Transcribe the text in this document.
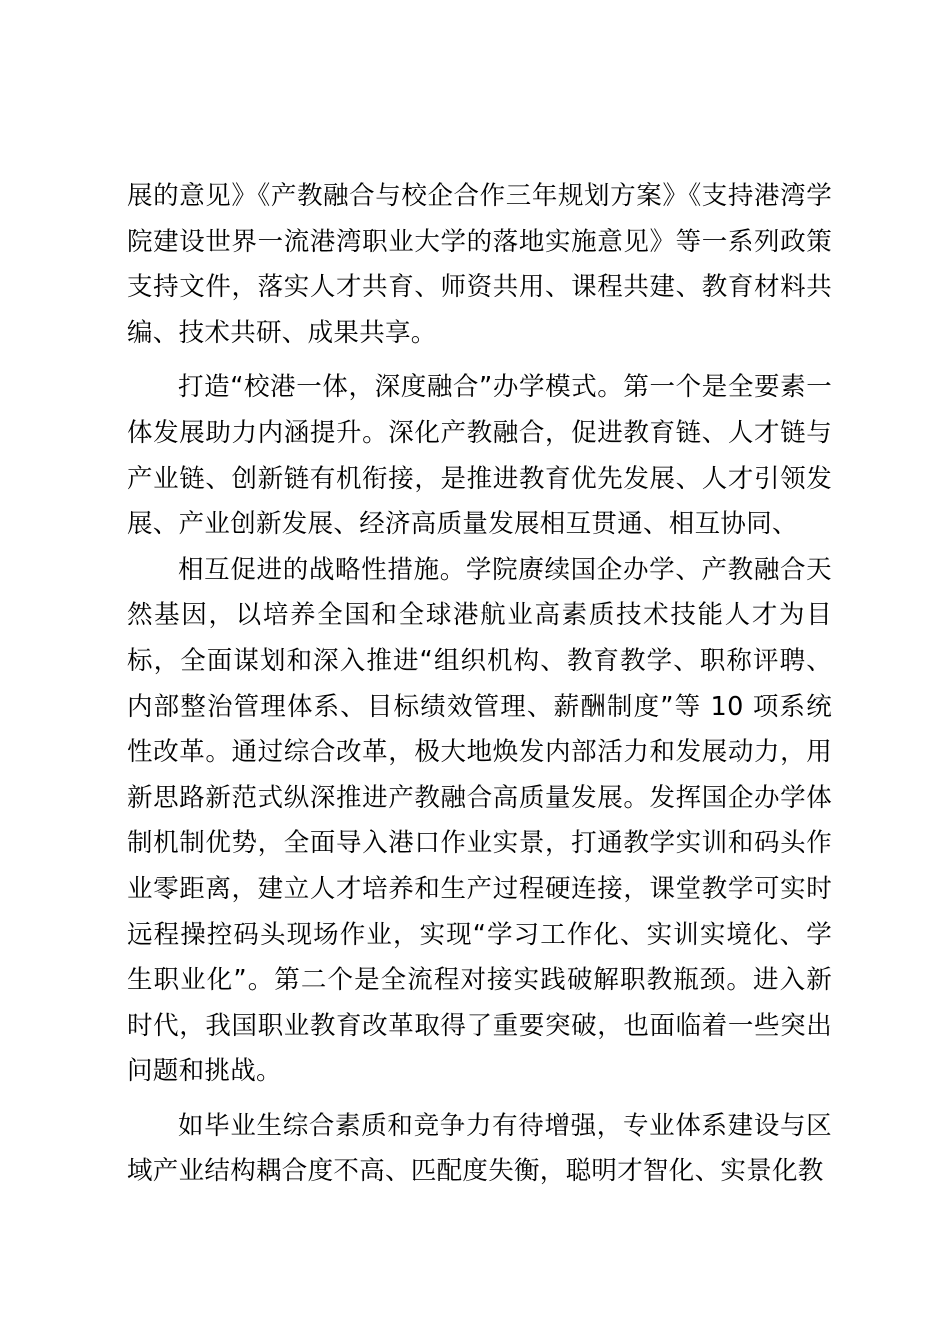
展的意见》《产教融合与校企合作三年规划方案》《支持港湾学院建设世界一流港湾职业大学的落地实施意见》等一系列政策支持文件，落实人才共育、师资共用、课程共建、教育材料共编、技术共研、成果共享。

打造“校港一体，深度融合”办学模式。第一个是全要素一体发展助力内涵提升。深化产教融合，促进教育链、人才链与产业链、创新链有机衔接，是推进教育优先发展、人才引领发展、产业创新发展、经济高质量发展相互贯通、相互协同、

相互促进的战略性措施。学院赓续国企办学、产教融合天然基因，以培养全国和全球港航业高素质技术技能人才为目标，全面谋划和深入推进“组织机构、教育教学、职称评聘、内部整治管理体系、目标绩效管理、薪酬制度”等 10 项系统性改革。通过综合改革，极大地焕发内部活力和发展动力，用新思路新范式纵深推进产教融合高质量发展。发挥国企办学体制机制优势，全面导入港口作业实景，打通教学实训和码头作业零距离，建立人才培养和生产过程硬连接，课堂教学可实时远程操控码头现场作业，实现“学习工作化、实训实境化、学生职业化”。第二个是全流程对接实践破解职教瓶颈。进入新时代，我国职业教育改革取得了重要突破，也面临着一些突出问题和挑战。

如毕业生综合素质和竞争力有待增强，专业体系建设与区域产业结构耦合度不高、匹配度失衡，聪明才智化、实景化教
